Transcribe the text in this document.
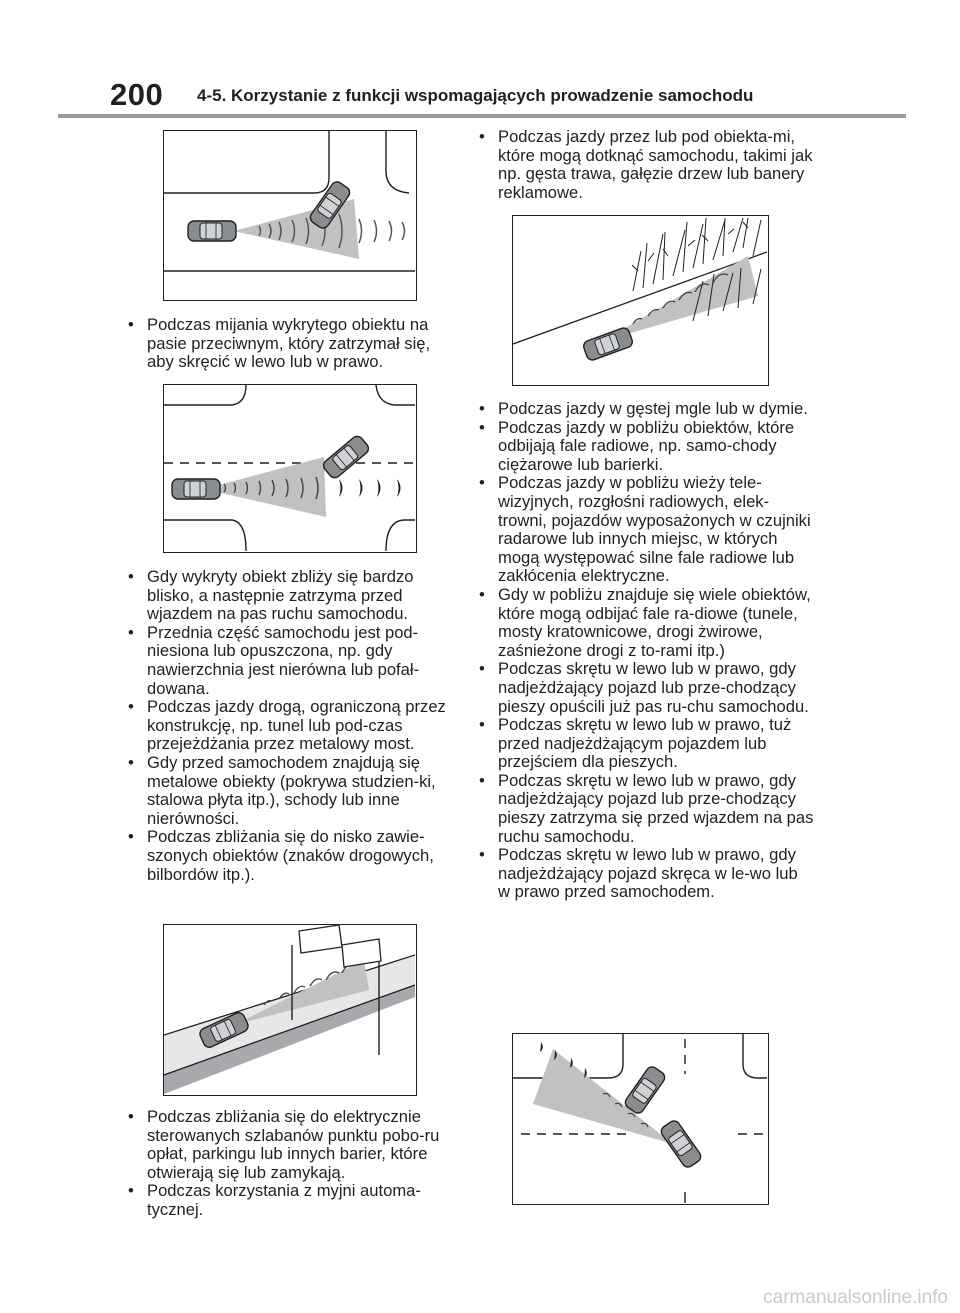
200 4-5. Korzystanie z funkcji wspomagających prowadzenie samochodu
• Podczas mijania wykrytego obiektu na pasie przeciwnym, który zatrzymał się, aby skręcić w lewo lub w prawo.
• Gdy wykryty obiekt zbliży się bardzo blisko, a następnie zatrzyma przed wjazdem na pas ruchu samochodu.
• Przednia część samochodu jest pod-niesiona lub opuszczona, np. gdy nawierzchnia jest nierówna lub pofał-dowana.
• Podczas jazdy drogą, ograniczoną przez konstrukcję, np. tunel lub pod-czas przejeżdżania przez metalowy most.
• Gdy przed samochodem znajdują się metalowe obiekty (pokrywa studzien-ki, stalowa płyta itp.), schody lub inne nierówności.
• Podczas zbliżania się do nisko zawie-szonych obiektów (znaków drogowych, bilbordów itp.).
• Podczas zbliżania się do elektrycznie sterowanych szlabanów punktu pobo-ru opłat, parkingu lub innych barier, które otwierają się lub zamykają.
• Podczas korzystania z myjni automa-tycznej.
• Podczas jazdy przez lub pod obiekta-mi, które mogą dotknąć samochodu, takimi jak np. gęsta trawa, gałęzie drzew lub banery reklamowe.
• Podczas jazdy w gęstej mgle lub w dymie.
• Podczas jazdy w pobliżu obiektów, które odbijają fale radiowe, np. samo-chody ciężarowe lub barierki.
• Podczas jazdy w pobliżu wieży tele-wizyjnych, rozgłośni radiowych, elek-trowni, pojazdów wyposażonych w czujniki radarowe lub innych miejsc, w których mogą występować silne fale radiowe lub zakłócenia elektryczne.
• Gdy w pobliżu znajduje się wiele obiektów, które mogą odbijać fale ra-diowe (tunele, mosty kratownicowe, drogi żwirowe, zaśnieżone drogi z to-rami itp.)
• Podczas skrętu w lewo lub w prawo, gdy nadjeżdżający pojazd lub prze-chodzący pieszy opuścili już pas ru-chu samochodu.
• Podczas skrętu w lewo lub w prawo, tuż przed nadjeżdżającym pojazdem lub przejściem dla pieszych.
• Podczas skrętu w lewo lub w prawo, gdy nadjeżdżający pojazd lub prze-chodzący pieszy zatrzyma się przed wjazdem na pas ruchu samochodu.
• Podczas skrętu w lewo lub w prawo, gdy nadjeżdżający pojazd skręca w le-wo lub w prawo przed samochodem.
carmanualsonline.info
